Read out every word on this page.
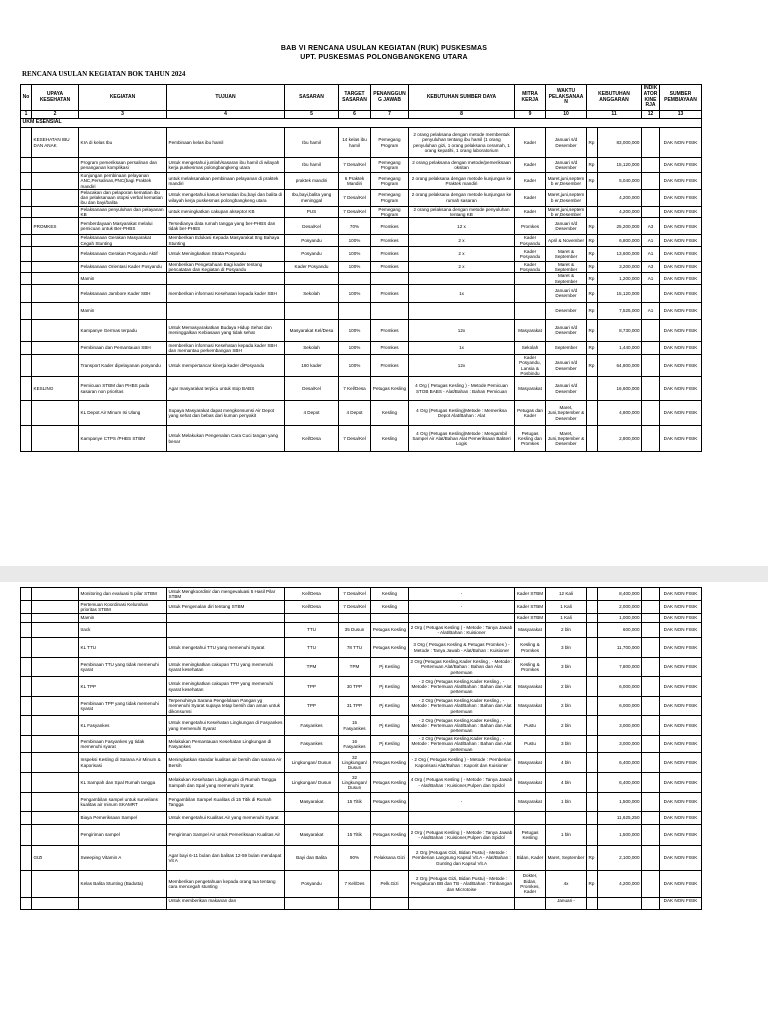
BAB VI RENCANA USULAN KEGIATAN (RUK) PUSKESMAS
UPT. PUSKESMAS POLONGBANGKENG UTARA
RENCANA USULAN KEGIATAN BOK TAHUN 2024
No	UPAYA KESEHATAN	KEGIATAN	TUJUAN	SASARAN	TARGET SASARAN	PENANGGUNG JAWAB	KEBUTUHAN SUMBER DAYA	MITRA KERJA	WAKTU PELAKSANAAN	KEBUTUHAN ANGGARAN		INDIKATOR KINERJA	SUMBER PEMBIAYAAN
1	2	3	4	5	6	7	8	9	10	11		12	13
UKM ESENSIAL													
	KESEHATAN IBU DAN ANAK	KIA di kelas Ibu	Pembinaan kelas ibu hamil	Ibu hamil	14 kelas ibu hamil	Pemegang Program	2 orang pelaksana dengan metode membentuk penyuluhan tentang ibu hamil (1 orang penyuluhan gizi, 1 orang pelaksana ceramah, 1 orang kepatihi, 1 orang laboratorium	Kader	Januari s/d Desember	Rp	83,000,000		DAK NON FISIK
		Program pemeriksaan persalinan dan penanganan komplikasi	Untuk mengetahui jumlah/sasaran ibu hamil di wilayah kerja puskesmas polongbangkeng utara	Ibu hamil	7 Desa/Kel	Pemegang Program	2 orang pelaksana dengan metode/pemeriksaan oksitan	Kader	Januari s/d Desember	Rp	15,120,000		DAK NON FISIK
		Kunjungan pembinaan pelayanan ANC,Persalinan,PNC(bagi Praktek mandiri	untuk melaksanakan pembinaan pelayanan di praktek mandiri	praktek mandiri	6 Praktek Mandiri	Pemegang Program	2 orang pelaksana dengan metode kunjungan ke Praktek mandiri	Kader	Maret,juni,septemb er,Desember	Rp	5,040,000		DAK NON FISIK
		Pelacakan dan pelaporan kematian ibu dan pelaksanaan otopsi verbal kematian ibu dan bayi/balita	Untuk mengetahui kasus kematian ibu,bayi dan balita di wilayah kerja puskesmas polongbangkeng utara	Ibu,bayi,balita yang meninggal	7 Desa/Kel	Pemegang Program	2 orang pelaksana dengan metode kunjungan ke rumah sasaran	Kader	Maret,juni,septemb er,Desember		4,200,000		DAK NON FISIK
		Pelaksanaan penyuluhan dan pelayanan KB	untuk meningkatkan cakupan akseptor KB	PUS	7 Desa/Kel	Pemegang Program	2 orang pelaksana dengan metode penyuluhan tentang KB	Kader	Maret,juni,septemb er,Desember		4,200,000		DAK NON FISIK
	PROMKES	Pemberdayaan Masyarakat melalui pemicuan untuk Ber-PHBS	Tersedianya data rumah tangga yang ber-PHBS dan tidak ber-PHBS	Desa/Kel	70%	Promkes	12 x	Promkes	Januari s/d Desember	Rp	25,200,000	A3	DAK NON FISIK
		Pelaksanaan Gerakan Masyarakat Cegah Stunting	Memberikan Edukasi Kepada Masyarakat ttng Bahaya Stunting	Posyandu	100%	Promkes	2 x	Kader Posyandu	April & November	Rp	6,800,000	A1	DAK NON FISIK
		Pelaksanaan Gerakan Posyandu Aktif	Untuk Meningkatkan Strata Posyandu	Posyandu	100%	Promkes	2 x	Kader Posyandu	Maret & September	Rp	13,600,000	A1	DAK NON FISIK
		Pelaksanaan Orientasi Kader Posyandu	Memberikan Pengetahuan Bagi kader tentang pencatatan dan Kegiatan di Posyandu	Kader Posyandu	100%	Promkes	2 x	Kader Posyandu	Maret & September	Rp	3,200,000	A3	DAK NON FISIK
		Mamin							Maret & September	Rp	1,200,000	A1	DAK NON FISIK
		Pelaksanaan Jambore Kader SBH	memberikan informasi Kesehatan kepada kader SBH	Sekolah	100%	Promkes	1x		Januari s/d Desember	Rp	15,120,000		DAK NON FISIK
		Mamin							Desember	Rp	7,525,000	A1	DAK NON FISIK
		Kampanye Germas terpadu	Untuk Memasyarakatkan Budaya Hidup Sehat dan meninggalkan Kebiasaan yang tidak sehat	Masyarakat Kel/Desa	100%	Promkes	12x	Masyarakat	Januari s/d Desember	Rp	8,730,000		DAK NON FISIK
		Pembinaan dan Pemantauan SBH	memberikan informasi Kesehatan kepada kader SBH dan memantau perkembangan SBH	Sekolah	100%	Promkes	1x	Sekolah	September	Rp	1,440,000		DAK NON FISIK
		Transport Kader dipelayanan posyandu	Untuk mempertancar kinerja kader diPosyandu	160 kader	100%	Promkes	12x	Kader Posyandu, Lansia & Posbindu	Januari s/d Desember	Rp	64,800,000		DAK NON FISIK
	KESLING	Pemicuan STBM dan PHBS pada sasaran non prioritas	Agar masyarakat terpicu untuk stop BABS	Desa/Kel	7 Kel/Desa	Petugas Kesling	4 Org ( Petugas Kesling ) - Metode Pemicuan STOB BABS - Alat/Bahan : Bahan Pemicuan	Masyarakat	Januari s/d Desember		16,600,000		DAK NON FISIK
		KL Depot Air Minum Isi Ulang	Supaya Masyarakat dapat mengkonsumsi Air Depot yang sehat dan bebas dari kuman penyakit	4 Depot	4 Depot	Kesling	4 Org (Petugas Kesling)Metode : Memeriksa Depot Alat/Bahan : Alat	Petugas dan Kader	Maret, Juni,September & Desember		4,800,000		DAK NON FISIK
		Kampanye CTPS /PHBS STBM	Untuk Melakukan Pengenalan Cara Cuci tangan yang benar	Kel/Desa	7 Desa/Kel	Kesling	4 Org (Petugas Kesling)Metode : Mengambil Sampel Air Alat/Bahan Alat Pemeriksaan Bakteri Logis	Petugas Kesling dan Promkes	Maret, Juni,September & Desember		2,800,000		DAK NON FISIK
		Monitoring dan evaluasi 5 pilar STBM	Untuk Mengkoordinir dan mengevaluasi 5 Hasil Pilar STBM	Kel/Desa	7 Desa/Kel	Kesling	-	Kader STBM	12 Kali		8,400,000		DAK NON FISIK
		Pertemuan Koordinasi Kelurahan prioritas STBM	Untuk Pengenalan diri tentang STBM	Kel/Desa	7 Desa/Kel	Kesling	-	Kader STBM	1 Kali		2,000,000		DAK NON FISIK
		Mamin						Kader STBM	1 Kali		1,000,000		DAK NON FISIK
		track		TTU	35 Dusun	Petugas Kesling	2 Org ( Petugas Kesling ) - Metode : Tanya Jawab - Alat/Bahan : Kuisioner	Masyarakat	2 bln		600,000		DAK NON FISIK
		KL TTU	Untuk mengetahui TTU yang memenuhi Syarat	TTU	78 TTU	Petugas Kesling	3 Org ( Petugas Kesling & Petugas Promkes ) - Metode : Tanya Jawab - Alat/Bahan : Kuisioner	Kesling & Promkes	3 bln		11,700,000		DAK NON FISIK
		Pembinaan TTU yang tidak memenuhi syarat	Untuk meningkatkan cakupan TTU yang memenuhi syarat kesehatan	TPM	TPM	Pj Kesling	2 Org (Petugas Kesling,Kader Kesling , - Metode : Pertemuan Alat/Bahan : Bahan dan Alat pertemuan	Kesling & Promkes	3 bln		7,800,000		DAK NON FISIK
		KL TPP	Untuk meningkatkan cakupan TPP yang memenuhi syarat kesehatan	TPP	30 TPP	Pj Kesling	- 2 Org (Petugas Kesling,Kader Kesling , - Metode : Pertemuan Alat/Bahan : Bahan dan Alat pertemuan	Masyarakat	2 bln		6,000,000		DAK NON FISIK
		Pembinaan TPP yang tidak memenuhi syarat	Terpenuhinya Sarana Pengelolaan Pangan yg memenuhi Syarat supaya tetap bersih dan aman untuk dikonsumsi	TPP	31 TPP	Pj Kesling	- 2 Org (Petugas Kesling,Kader Kesling , - Metode : Pertemuan Alat/Bahan : Bahan dan Alat pertemuan	Masyarakat	2 bln		6,000,000		DAK NON FISIK
		KL Fasyankes	Untuk mengetahui Kesehatan Lingkungan di Fasyankes yang memenuhi Syarat	Fasyankes	15 Fasyankes	Pj Kesling	- 2 Org (Petugas Kesling,Kader Kesling , - Metode : Pertemuan Alat/Bahan : Bahan dan Alat pertemuan	Pustu	2 bln		3,000,000		DAK NON FISIK
		Pembinaan Fasyankes yg tidak memenuhi syarat	Melakukan Pemantauan Kesehatan Lingkungan di Fasyankes	Fasyankes	16 Fasyankes	Pj Kesling	- 2 Org (Petugas Kesling,Kader Kesling , - Metode : Pertemuan Alat/Bahan : Bahan dan Alat pertemuan	Pustu	3 bln		3,000,000		DAK NON FISIK
		Inspeksi Kesling di Sarana Air Minum & Kaporisasi	Meningkatkan standar kualitas air bersih dan sarana Air Bersih	Lingkungan/ Dusun	32 Lingkungan/ Dusun	Petugas Kesling	- 2 Org ( Petugas Kesling ) - Metode : Pemberian Kaporisasi Alat/Bahan : Kaporit dan Kuisioner	Masyarakat	4 bln		6,400,000		DAK NON FISIK
		KL Sampah dan Spal Rumah tangga	Melakukan Kesehatan Lingkungan di Rumah Tangga Sampah dan Spal yang memenuhi Syarat	Lingkungan/ Dusun	32 Lingkungan/ Dusun	Petugas Kesling	4 Org ( Petugas Kesling ) - Metode : Tanya Jawab - Alat/Bahan : Kuisioner,Pulpen dan Spidol	Masyarakat	4 bln		6,400,000		DAK NON FISIK
		Pengambilan sampel untuk surveilans kualitas air minum SKAMRT	Pengambilan Sampel Kualitas di 15 Titik di Rumah Tangga	Masyarakat	15 Titik	Petugas Kesling	-	Masyarakat	1 bln		1,500,000		DAK NON FISIK
		Biaya Pemeriksaan Sampel	Untuk mengetahui Kualitas Air yang memenuhi Syarat								11,625,250		DAK NON FISIK
		Pengiriman sampel	Pengiriman Sampel Air untuk Pemeriksaan Kualitas Air	Masyarakat	15 Titik	Petugas Kesling	2 Org ( Petugas Kesling ) - Metode : Tanya Jawab - Alat/Bahan : Kuisioner,Pulpen dan Spidol	Petugas Kesling	1 bln		1,500,000		DAK NON FISIK
	GIZI	Sweeping Vitamin A	Agar bayi 6-11 bulan dan balitas 12-59 bulan mendapat Vit A	Bayi dan Balita	90%	Pelaksana Gizi	2 Org (Petugas Gizi, Bidan Pustu) - Metode : Pemberian Langsung Kapsul Vit.A - Alat/Bahan : Gunting dan Kapsul Vit.A	Bidan, Kader	Maret, September	Rp	2,100,000		DAK NON FISIK
		Kelas Balita Stunting (Badutta)	Memberikan pengetahuan kepada orang tua tentang cara mencegah stunting	Posyandu	7 Kel/Des	Pelk.Gizi	2 Org (Petugas Gizi, Bidan Pustu) - Metode : Pengukuran BB dan TB - Alat/Bahan : Timbangan dan Microtoise	Dokter, Bidan, Promkes, Kader	4x	Rp	4,200,000		DAK NON FISIK
			Untuk memberikan makanan dan						Januari -				DAK NON FISIK
